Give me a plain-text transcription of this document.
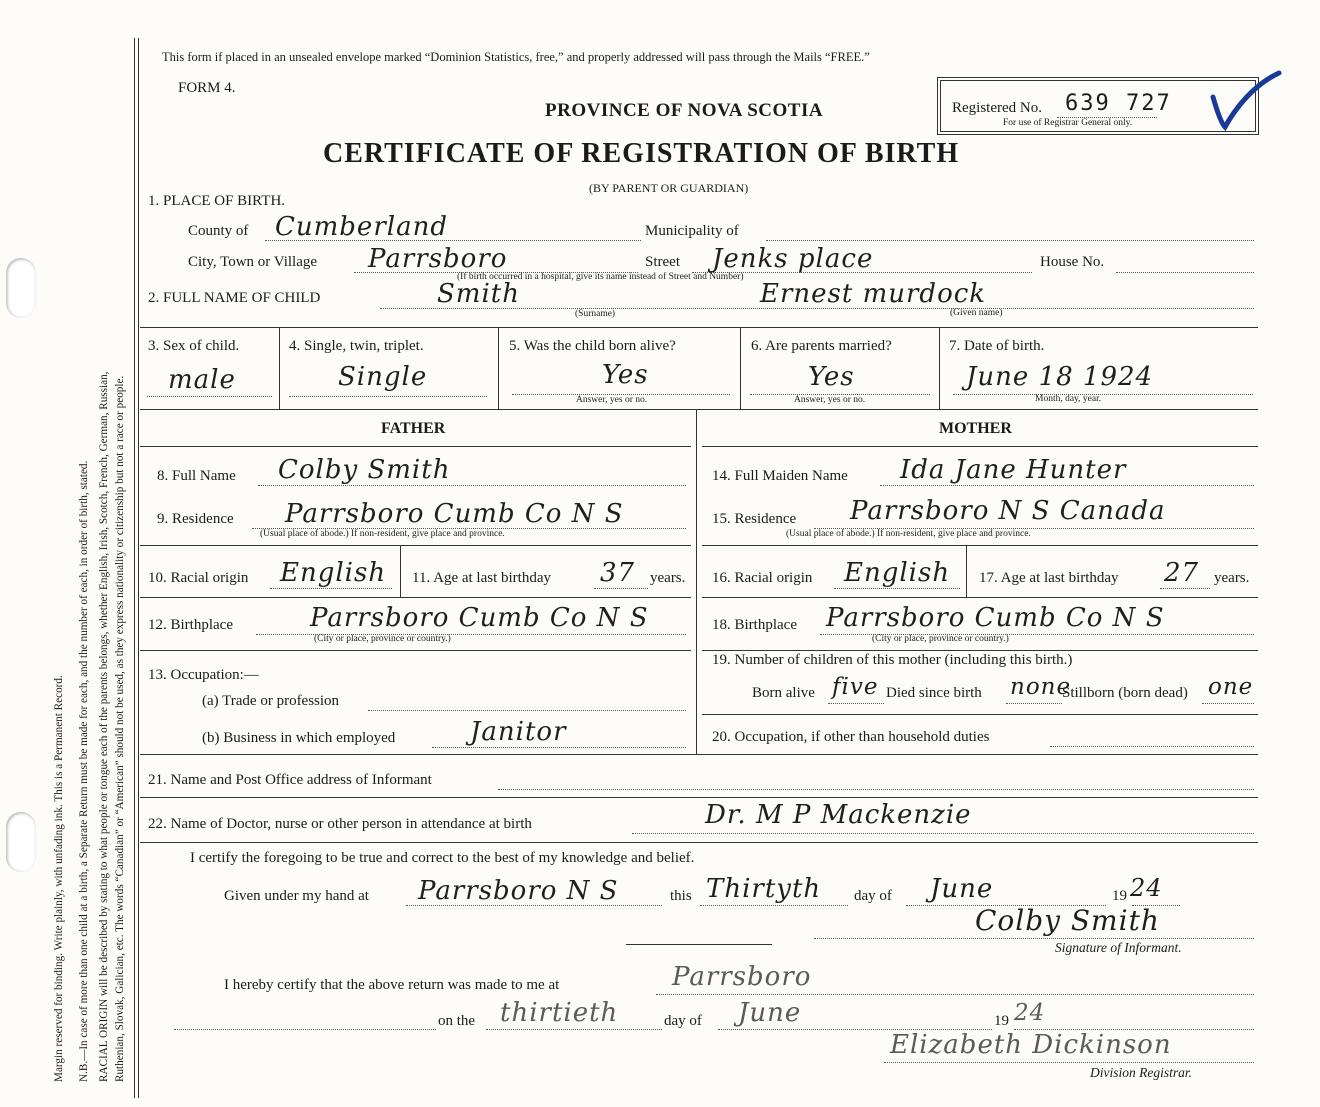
Margin reserved for binding. Write plainly, with unfading ink. This is a Permanent Record. N.B.—In case of more than one child at a birth, a Separate Return must be made for each, and the number of each, in order of birth, stated. RACIAL ORIGIN will be described by stating to what people or tongue each of the parents belongs, whether English, Irish, Scotch, French, German, Russian, Ruthenian, Slovak, Galician, etc. The words “Canadian” or “American” should not be used, as they express nationality or citizenship but not a race or people.
This form if placed in an unsealed envelope marked “Dominion Statistics, free,” and properly addressed will pass through the Mails “FREE.”
FORM 4.
PROVINCE OF NOVA SCOTIA	Registered No. 639 727
For use of Registrar General only.
CERTIFICATE OF REGISTRATION OF BIRTH
(BY PARENT OR GUARDIAN)
1. PLACE OF BIRTH.
County of Cumberland	Municipality of
City, Town or Village Parrsboro	Street Jenks place	House No.
(If birth occurred in a hospital, give its name instead of Street and Number)
2. FULL NAME OF CHILD	Smith
(Surname)
Ernest murdock
(Given name)
3. Sex of child.
male
4. Single, twin, triplet.
Single
5. Was the child born alive?
Yes
Answer, yes or no.
6. Are parents married?
Yes
Answer, yes or no.
7. Date of birth.
June 18 1924
Month, day, year.
FATHER	MOTHER
8. Full Name Colby Smith	14. Full Maiden Name Ida Jane Hunter
9. Residence Parrsboro Cumb Co N S
(Usual place of abode.) If non-resident, give place and province.
15. Residence Parrsboro N S Canada
(Usual place of abode.) If non-resident, give place and province.
10. Racial origin English 11. Age at last birthday 37 years. 16. Racial origin English 17. Age at last birthday 27 years.
12. Birthplace	Parrsboro Cumb Co N S
(City or place, province or country.)
18. Birthplace Parrsboro Cumb Co N S
(City or place, province or country.)
13. Occupation:—
(a) Trade or profession
(b) Business in which employed	Janitor
19. Number of children of this mother (including this birth.)
Born alive five Died since birth none
Stillborn (born dead) one
20. Occupation, if other than household duties
21. Name and Post Office address of Informant
22. Name of Doctor, nurse or other person in attendance at birth	Dr. M P Mackenzie
I certify the foregoing to be true and correct to the best of my knowledge and belief.
Given under my hand at Parrsboro N S	this Thirtyth day of June	19 24
Colby Smith
Signature of Informant.
I hereby certify that the above return was made to me at	Parrsboro
on the thirtieth	day of June	19 24
Elizabeth Dickinson
Division Registrar.
